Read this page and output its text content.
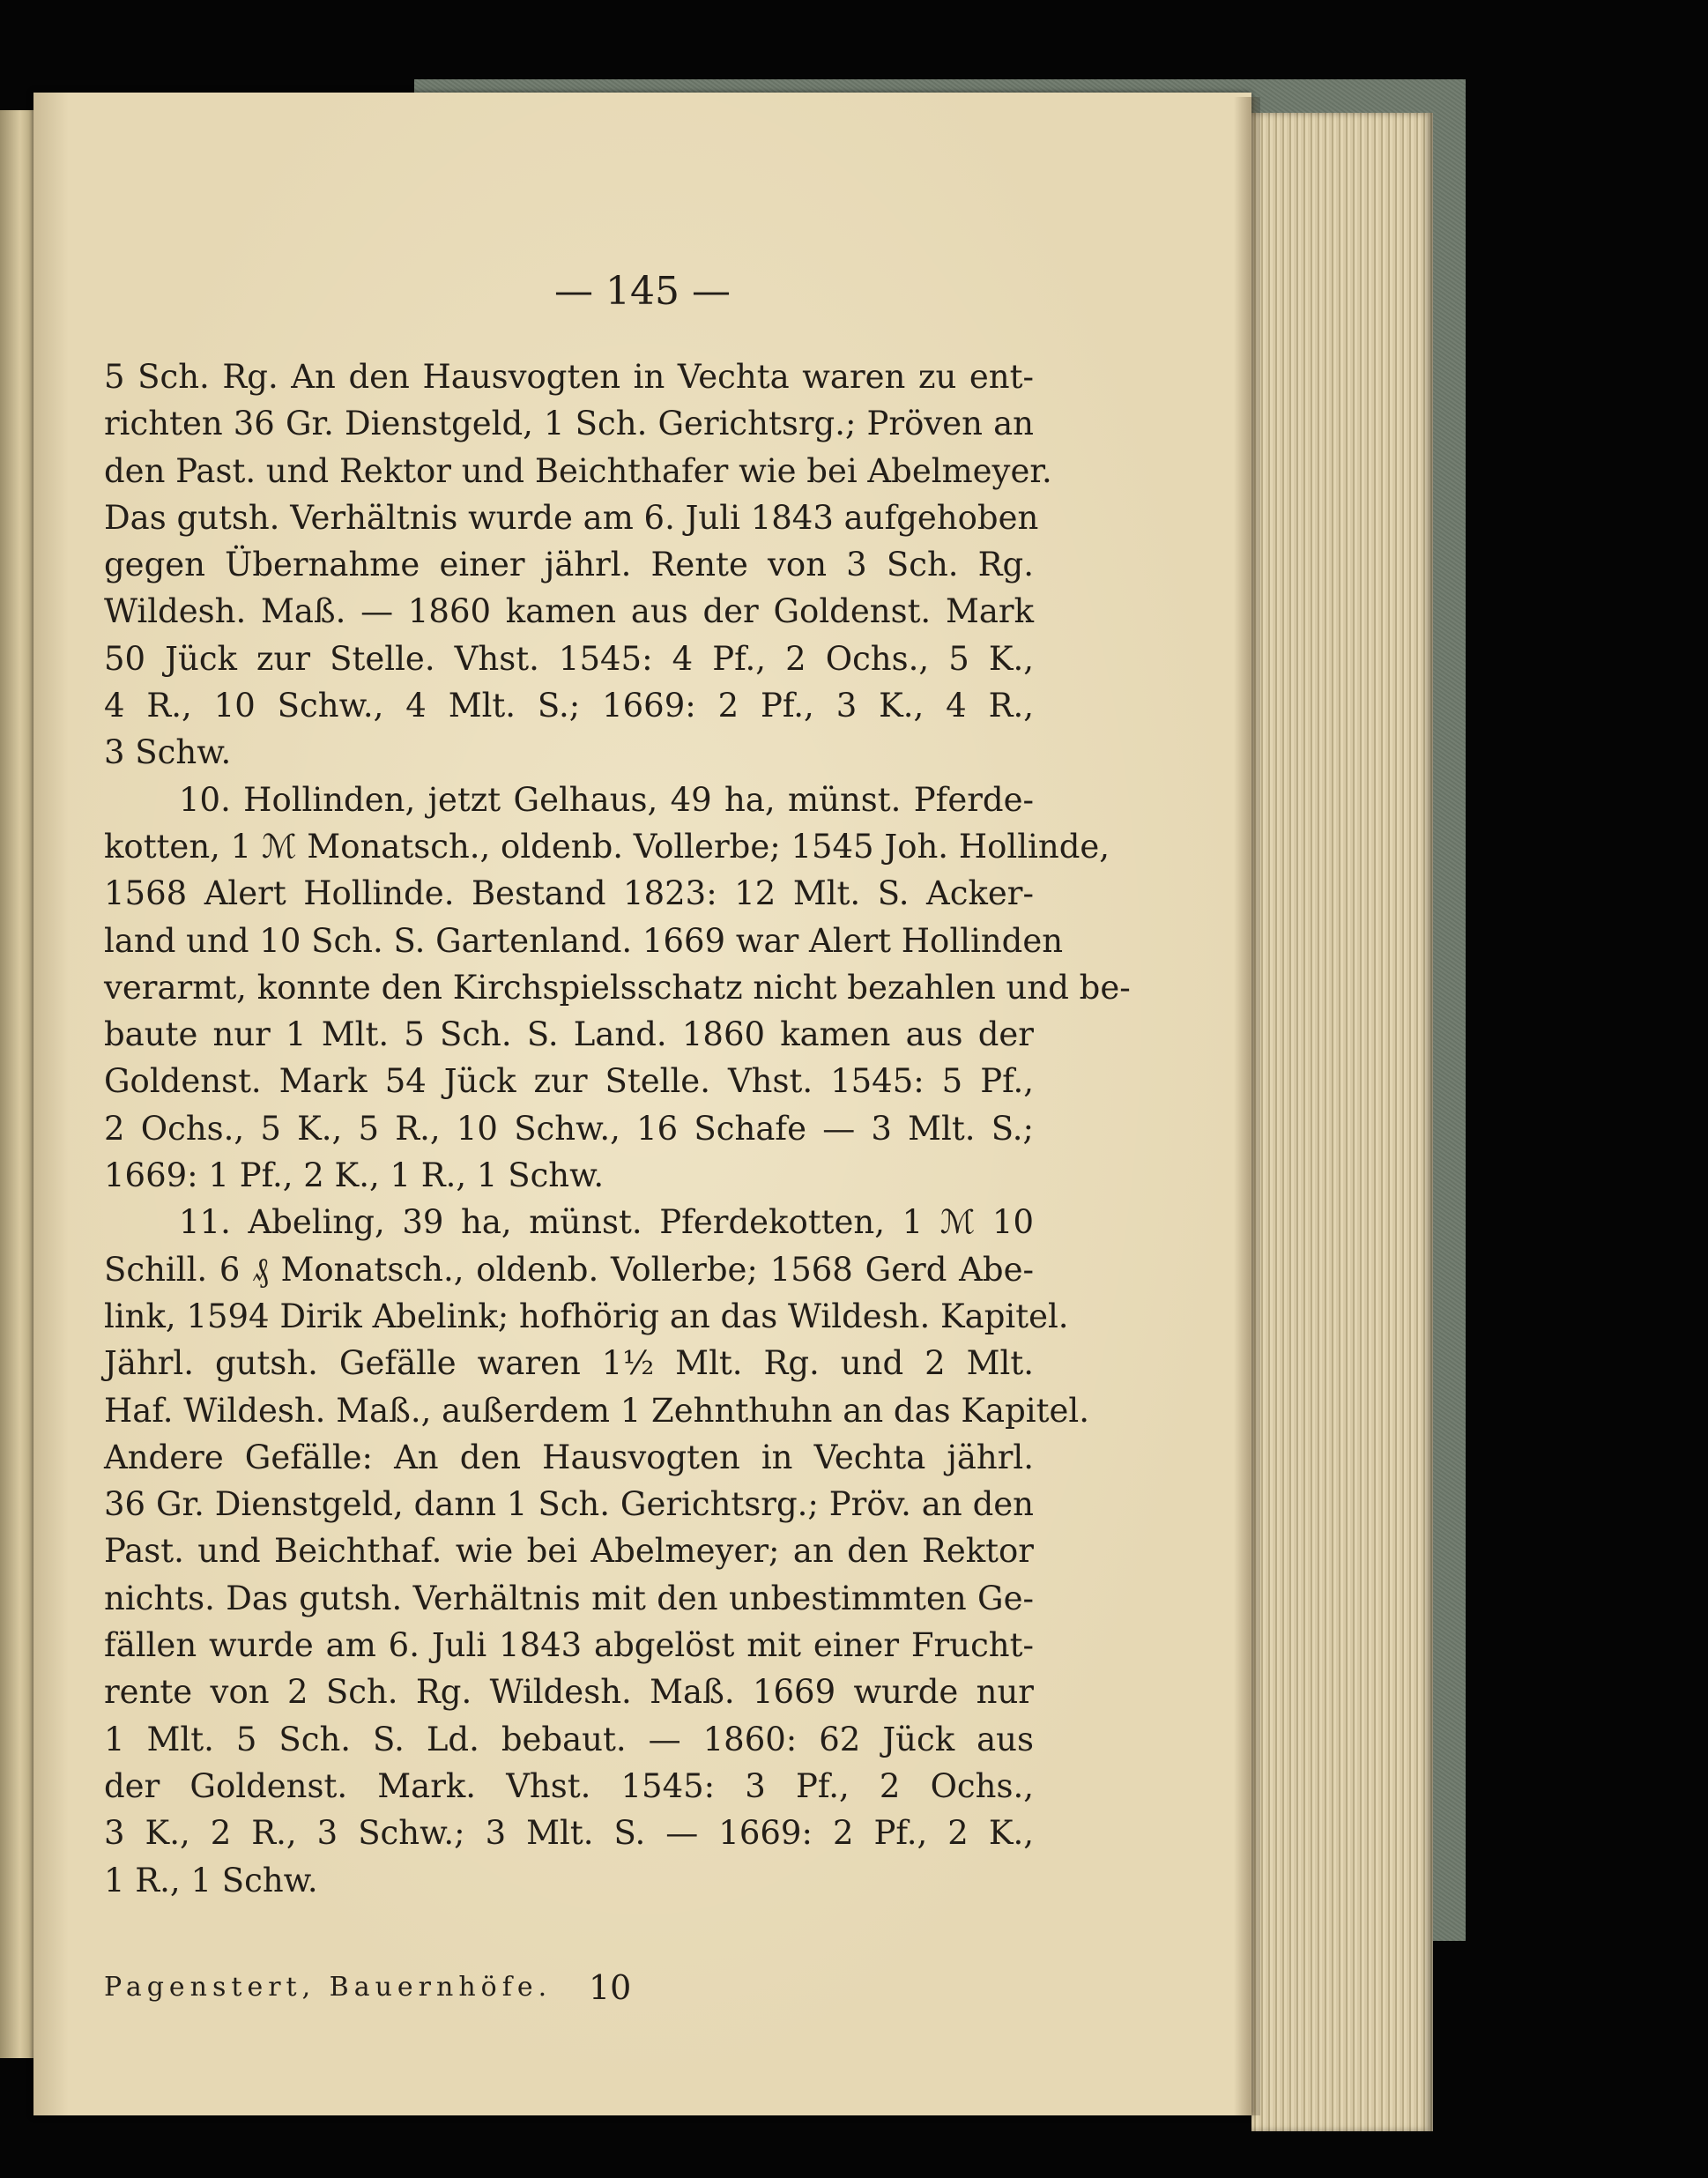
— 145 —
5 Sch. Rg. An den Hausvogten in Vechta waren zu ent-
richten 36 Gr. Dienstgeld, 1 Sch. Gerichtsrg.; Pröven an
den Past. und Rektor und Beichthafer wie bei Abelmeyer.
Das gutsh. Verhältnis wurde am 6. Juli 1843 aufgehoben
gegen Übernahme einer jährl. Rente von 3 Sch. Rg.
Wildesh. Maß. — 1860 kamen aus der Goldenst. Mark
50 Jück zur Stelle. Vhst. 1545: 4 Pf., 2 Ochs., 5 K.,
4 R., 10 Schw., 4 Mlt. S.; 1669: 2 Pf., 3 K., 4 R.,
3 Schw.
10. Hollinden, jetzt Gelhaus, 49 ha, münst. Pferde-
kotten, 1 ℳ Monatsch., oldenb. Vollerbe; 1545 Joh. Hollinde,
1568 Alert Hollinde. Bestand 1823: 12 Mlt. S. Acker-
land und 10 Sch. S. Gartenland. 1669 war Alert Hollinden
verarmt, konnte den Kirchspielsschatz nicht bezahlen und be-
baute nur 1 Mlt. 5 Sch. S. Land. 1860 kamen aus der
Goldenst. Mark 54 Jück zur Stelle. Vhst. 1545: 5 Pf.,
2 Ochs., 5 K., 5 R., 10 Schw., 16 Schafe — 3 Mlt. S.;
1669: 1 Pf., 2 K., 1 R., 1 Schw.
11. Abeling, 39 ha, münst. Pferdekotten, 1 ℳ 10
Schill. 6 ₰ Monatsch., oldenb. Vollerbe; 1568 Gerd Abe-
link, 1594 Dirik Abelink; hofhörig an das Wildesh. Kapitel.
Jährl. gutsh. Gefälle waren 1½ Mlt. Rg. und 2 Mlt.
Haf. Wildesh. Maß., außerdem 1 Zehnthuhn an das Kapitel.
Andere Gefälle: An den Hausvogten in Vechta jährl.
36 Gr. Dienstgeld, dann 1 Sch. Gerichtsrg.; Pröv. an den
Past. und Beichthaf. wie bei Abelmeyer; an den Rektor
nichts. Das gutsh. Verhältnis mit den unbestimmten Ge-
fällen wurde am 6. Juli 1843 abgelöst mit einer Frucht-
rente von 2 Sch. Rg. Wildesh. Maß. 1669 wurde nur
1 Mlt. 5 Sch. S. Ld. bebaut. — 1860: 62 Jück aus
der Goldenst. Mark. Vhst. 1545: 3 Pf., 2 Ochs.,
3 K., 2 R., 3 Schw.; 3 Mlt. S. — 1669: 2 Pf., 2 K.,
1 R., 1 Schw.
Pagenstert, Bauernhöfe. 10
